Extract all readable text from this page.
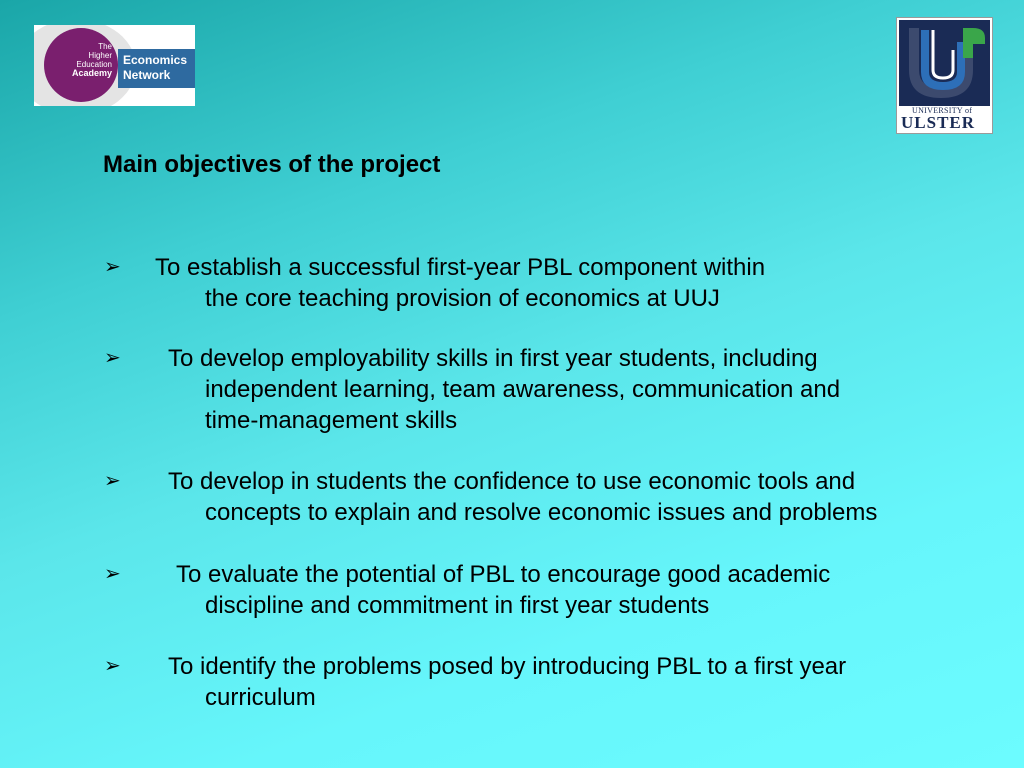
The
Higher
Education
Academy
Economics
Network
UNIVERSITY of
ULSTER
Main objectives of the project
➢ To establish a successful first-year PBL component within
the core teaching provision of economics at UUJ
➢ To develop employability skills in first year students, including
independent learning, team awareness, communication and
time-management skills
➢ To develop in students the confidence to use economic tools and
concepts to explain and resolve economic issues and problems
➢ To evaluate the potential of PBL to encourage good academic
discipline and commitment in first year students
➢ To identify the problems posed by introducing PBL to a first year
curriculum
